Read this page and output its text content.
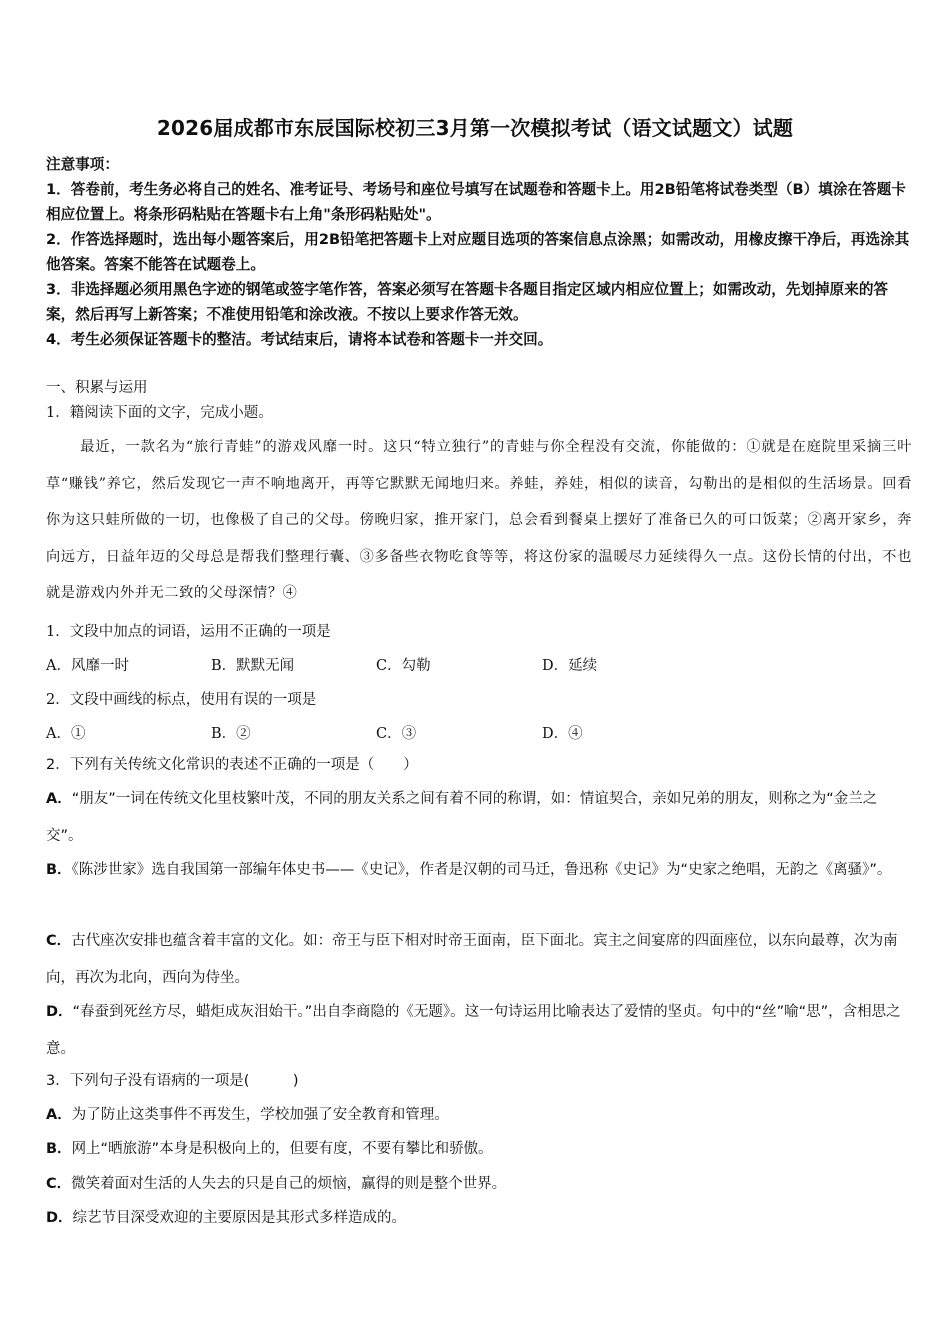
2026届成都市东辰国际校初三3月第一次模拟考试（语文试题文）试题

注意事项：

1．答卷前，考生务必将自己的姓名、准考证号、考场号和座位号填写在试题卷和答题卡上。用2B铅笔将试卷类型（B）填涂在答题卡相应位置上。将条形码粘贴在答题卡右上角"条形码粘贴处"。

2．作答选择题时，选出每小题答案后，用2B铅笔把答题卡上对应题目选项的答案信息点涂黑；如需改动，用橡皮擦干净后，再选涂其他答案。答案不能答在试题卷上。

3．非选择题必须用黑色字迹的钢笔或签字笔作答，答案必须写在答题卡各题目指定区域内相应位置上；如需改动，先划掉原来的答案，然后再写上新答案；不准使用铅笔和涂改液。不按以上要求作答无效。

4．考生必须保证答题卡的整洁。考试结束后，请将本试卷和答题卡一并交回。

一、积累与运用
1．籍阅读下面的文字，完成小题。
最近，一款名为“旅行青蛙”的游戏风靡一时。这只“特立独行”的青蛙与你全程没有交流，你能做的：①就是在庭院里采摘三叶草“赚钱”养它，然后发现它一声不响地离开，再等它默默无闻地归来。养蛙，养娃，相似的读音，勾勒出的是相似的生活场景。回看你为这只蛙所做的一切，也像极了自己的父母。傍晚归家，推开家门，总会看到餐桌上摆好了准备已久的可口饭菜；②离开家乡，奔向远方，日益年迈的父母总是帮我们整理行囊、③多备些衣物吃食等等，将这份家的温暖尽力延续得久一点。这份长情的付出，不也就是游戏内外并无二致的父母深情？④
1．文段中加点的词语，运用不正确的一项是
A．风靡一时	B．默默无闻	C．勾勒	D．延续
2．文段中画线的标点，使用有误的一项是
A．①	B．②	C．③	D．④
2．下列有关传统文化常识的表述不正确的一项是（　　）
A．“朋友”一词在传统文化里枝繁叶茂，不同的朋友关系之间有着不同的称谓，如：情谊契合，亲如兄弟的朋友，则称之为“金兰之交”。
B．《陈涉世家》选自我国第一部编年体史书——《史记》，作者是汉朝的司马迁，鲁迅称《史记》为“史家之绝唱，无韵之《离骚》”。
C．古代座次安排也蕴含着丰富的文化。如：帝王与臣下相对时帝王面南，臣下面北。宾主之间宴席的四面座位，以东向最尊，次为南向，再次为北向，西向为侍坐。
D．“春蚕到死丝方尽，蜡炬成灰泪始干。”出自李商隐的《无题》。这一句诗运用比喻表达了爱情的坚贞。句中的“丝”喻“思”，含相思之意。
3．下列句子没有语病的一项是(　　　)
A．为了防止这类事件不再发生，学校加强了安全教育和管理。
B．网上“晒旅游”本身是积极向上的，但要有度，不要有攀比和骄傲。
C．微笑着面对生活的人失去的只是自己的烦恼，赢得的则是整个世界。
D．综艺节目深受欢迎的主要原因是其形式多样造成的。
